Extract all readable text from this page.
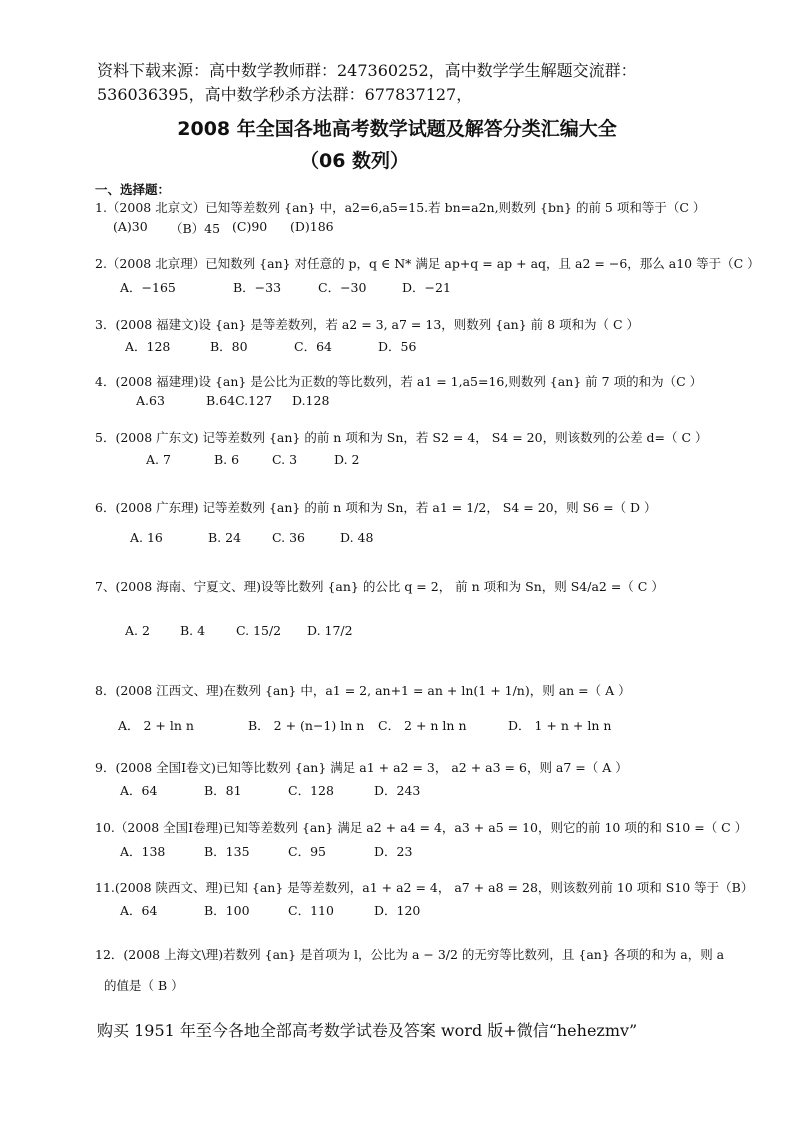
资料下载来源：高中数学教师群：247360252，高中数学学生解题交流群：
536036395，高中数学秒杀方法群：677837127，
2008 年全国各地高考数学试题及解答分类汇编大全
（06 数列）
一、选择题：
1.（2008 北京文）已知等差数列 {an} 中，a2=6,a5=15.若 bn=a2n,则数列 {bn} 的前 5 项和等于（C ）
(A)30 （B）45 (C)90 (D)186
2.（2008 北京理）已知数列 {an} 对任意的 p，q ∈ N* 满足 ap+q = ap + aq，且 a2 = −6，那么 a10 等于（C ）
A．−165	B．−33	C．−30	D．−21
3．(2008 福建文)设 {an} 是等差数列，若 a2 = 3, a7 = 13，则数列 {an} 前 8 项和为（ C ）
A．128	B．80	C．64	D．56
4．(2008 福建理)设 {an} 是公比为正数的等比数列，若 a1 = 1,a5=16,则数列 {an} 前 7 项的和为（C ）
A.63	B.64C.127 D.128
5．(2008 广东文) 记等差数列 {an} 的前 n 项和为 Sn，若 S2 = 4， S4 = 20，则该数列的公差 d=（ C ）
A. 7	B. 6	C. 3	D. 2
6．(2008 广东理) 记等差数列 {an} 的前 n 项和为 Sn，若 a1 = 1/2， S4 = 20，则 S6 =（ D ）
A. 16	B. 24 C. 36	D. 48
7、(2008 海南、宁夏文、理)设等比数列 {an} 的公比 q = 2， 前 n 项和为 Sn，则 S4/a2 =（ C ）
A. 2 B. 4 C. 15/2 D. 17/2
8．(2008 江西文、理)在数列 {an} 中，a1 = 2, an+1 = an + ln(1 + 1/n)，则 an =（ A ）
A． 2 + ln n	B． 2 + (n−1) ln n C． 2 + n ln n	D． 1 + n + ln n
9．(2008 全国Ⅰ卷文)已知等比数列 {an} 满足 a1 + a2 = 3， a2 + a3 = 6，则 a7 =（ A ）
A．64	B．81	C．128	D．243
10.（2008 全国Ⅰ卷理)已知等差数列 {an} 满足 a2 + a4 = 4，a3 + a5 = 10，则它的前 10 项的和 S10 =（ C ）
A．138	B．135	C．95	D．23
11.(2008 陕西文、理)已知 {an} 是等差数列，a1 + a2 = 4， a7 + a8 = 28，则该数列前 10 项和 S10 等于（B）
A．64	B．100	C．110	D．120
12．(2008 上海文\理)若数列 {an} 是首项为 l，公比为 a − 3/2 的无穷等比数列，且 {an} 各项的和为 a，则 a
的值是（ B ）
购买 1951 年至今各地全部高考数学试卷及答案 word 版+微信“hehezmv”
